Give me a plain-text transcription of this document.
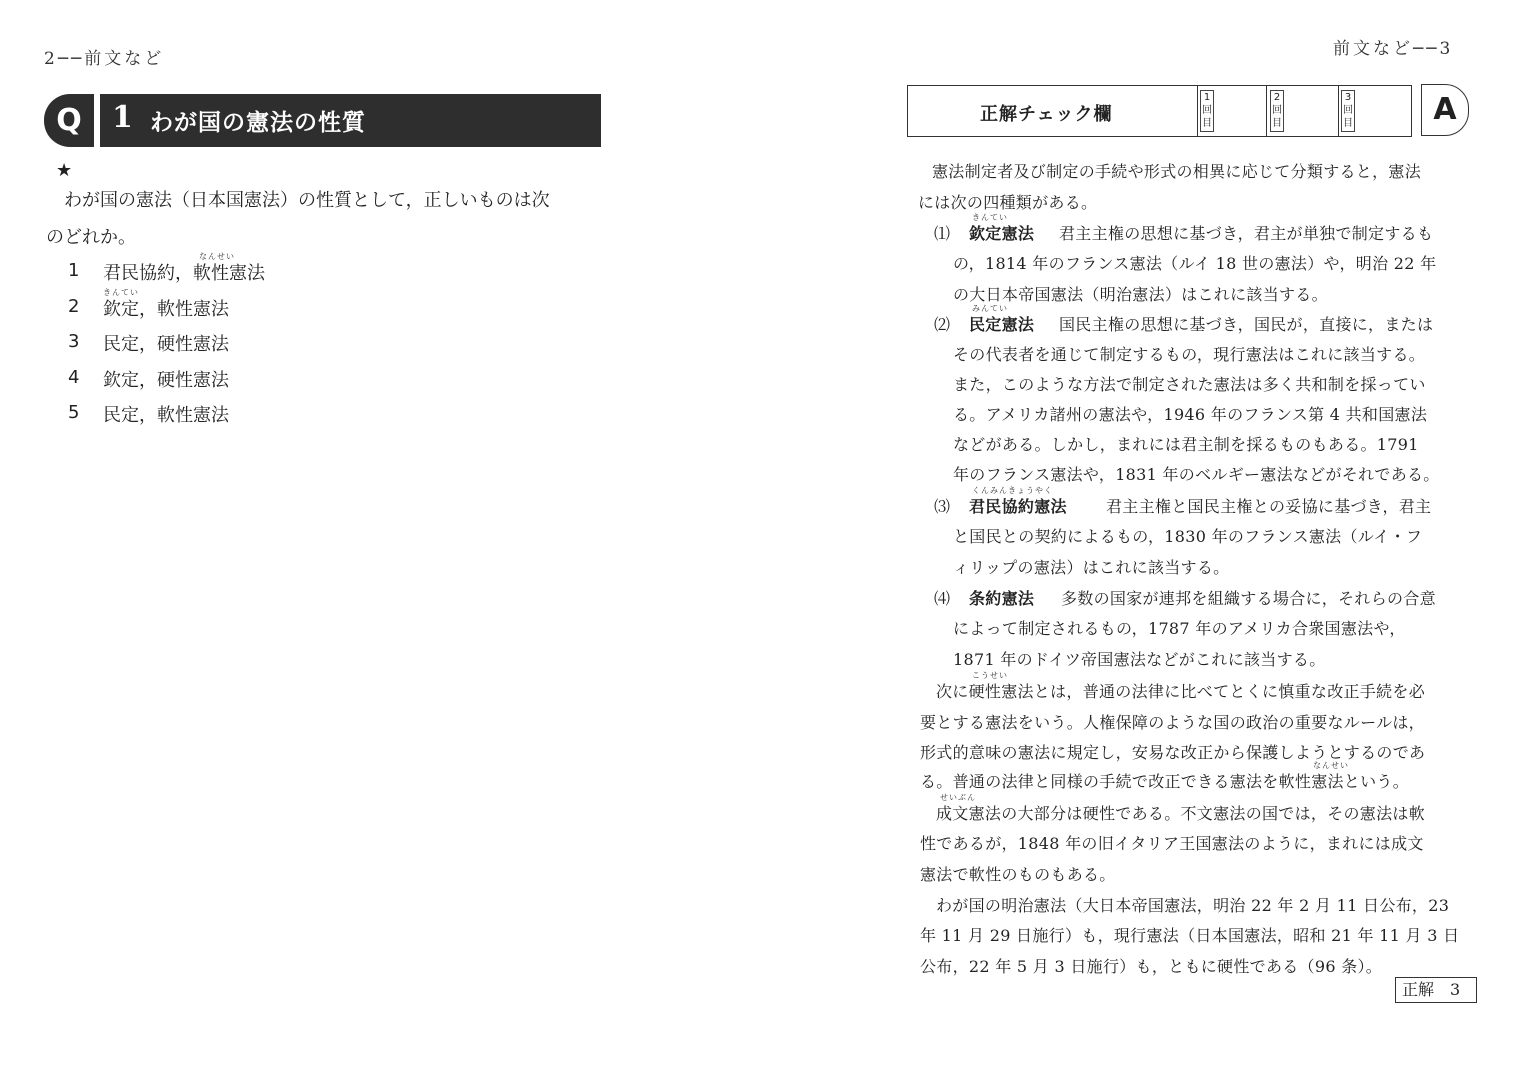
2──前文など
Q	1 わが国の憲法の性質
★
わが国の憲法（日本国憲法）の性質として，正しいものは次
のどれか。
なんせい
1 君民協約，軟性憲法
きんてい
2 欽定，軟性憲法
3 民定，硬性憲法
4 欽定，硬性憲法
5 民定，軟性憲法
前文など──3
正解チェック欄
1回目
2回目
3回目	A
憲法制定者及び制定の手続や形式の相異に応じて分類すると，憲法
には次の四種類がある。
きんてい
⑴ 欽定憲法 君主主権の思想に基づき，君主が単独で制定するも
の，1814 年のフランス憲法（ルイ 18 世の憲法）や，明治 22 年
の大日本帝国憲法（明治憲法）はこれに該当する。
みんてい
⑵ 民定憲法 国民主権の思想に基づき，国民が，直接に，または
その代表者を通じて制定するもの，現行憲法はこれに該当する。
また，このような方法で制定された憲法は多く共和制を採ってい
る。アメリカ諸州の憲法や，1946 年のフランス第 4 共和国憲法
などがある。しかし，まれには君主制を採るものもある。1791
年のフランス憲法や，1831 年のベルギー憲法などがそれである。
くんみんきょうやく
⑶ 君民協約憲法 君主主権と国民主権との妥協に基づき，君主
と国民との契約によるもの，1830 年のフランス憲法（ルイ・フ
ィリップの憲法）はこれに該当する。
⑷ 条約憲法 多数の国家が連邦を組織する場合に，それらの合意
によって制定されるもの，1787 年のアメリカ合衆国憲法や，
1871 年のドイツ帝国憲法などがこれに該当する。
こうせい
次に硬性憲法とは，普通の法律に比べてとくに慎重な改正手続を必
要とする憲法をいう。人権保障のような国の政治の重要なルールは，
形式的意味の憲法に規定し，安易な改正から保護しようとするのであ
なんせい
る。普通の法律と同様の手続で改正できる憲法を軟性憲法という。
せいぶん
成文憲法の大部分は硬性である。不文憲法の国では，その憲法は軟
性であるが，1848 年の旧イタリア王国憲法のように，まれには成文
憲法で軟性のものもある。
わが国の明治憲法（大日本帝国憲法，明治 22 年 2 月 11 日公布，23
年 11 月 29 日施行）も，現行憲法（日本国憲法，昭和 21 年 11 月 3 日
公布，22 年 5 月 3 日施行）も，ともに硬性である（96 条）。
正解　3
